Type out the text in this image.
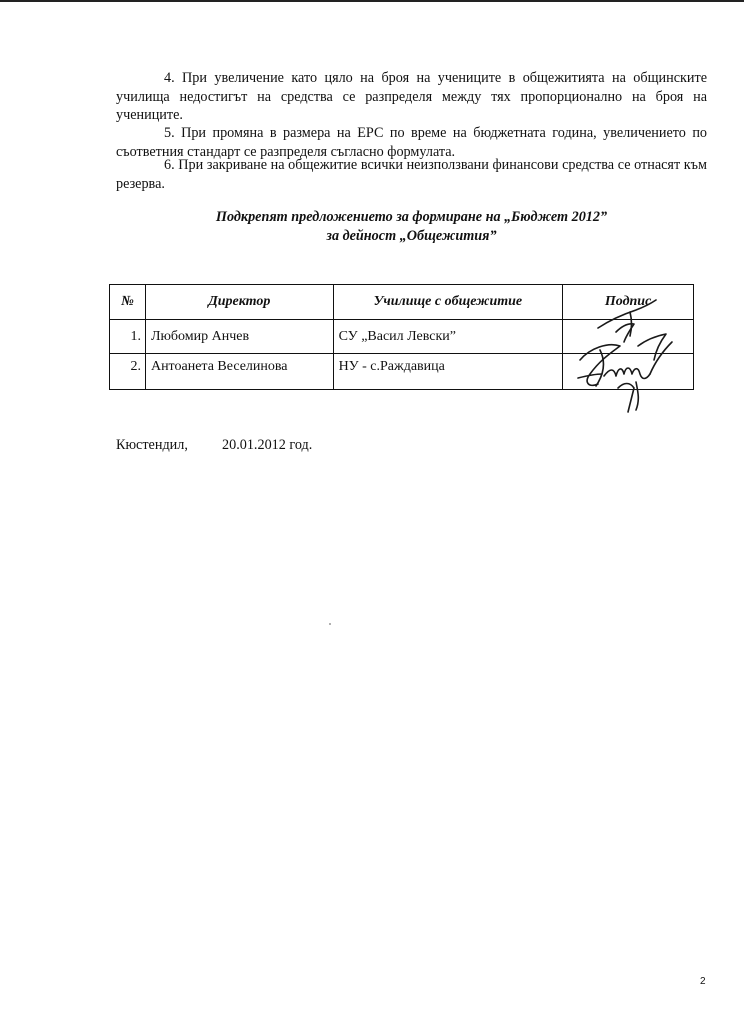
4. При увеличение като цяло на броя на учениците в общежитията на общинските училища недостигът на средства се разпределя между тях пропорционално на броя на учениците.

5. При промяна в размера на ЕРС по време на бюджетната година, увеличението по съответния стандарт се разпределя съгласно формулата.

6. При закриване на общежитие всички неизползвани финансови средства се отнасят към резерва.

Подкрепят предложението за формиране на „Бюджет 2012”

за дейност „Общежития”

№	Директор	Училище с общежитие	Подпис
1.	Любомир Анчев	СУ „Васил Левски”	
2.	Антоанета Веселинова	НУ - с.Раждавица	
Кюстендил, 20.01.2012 год.
2
